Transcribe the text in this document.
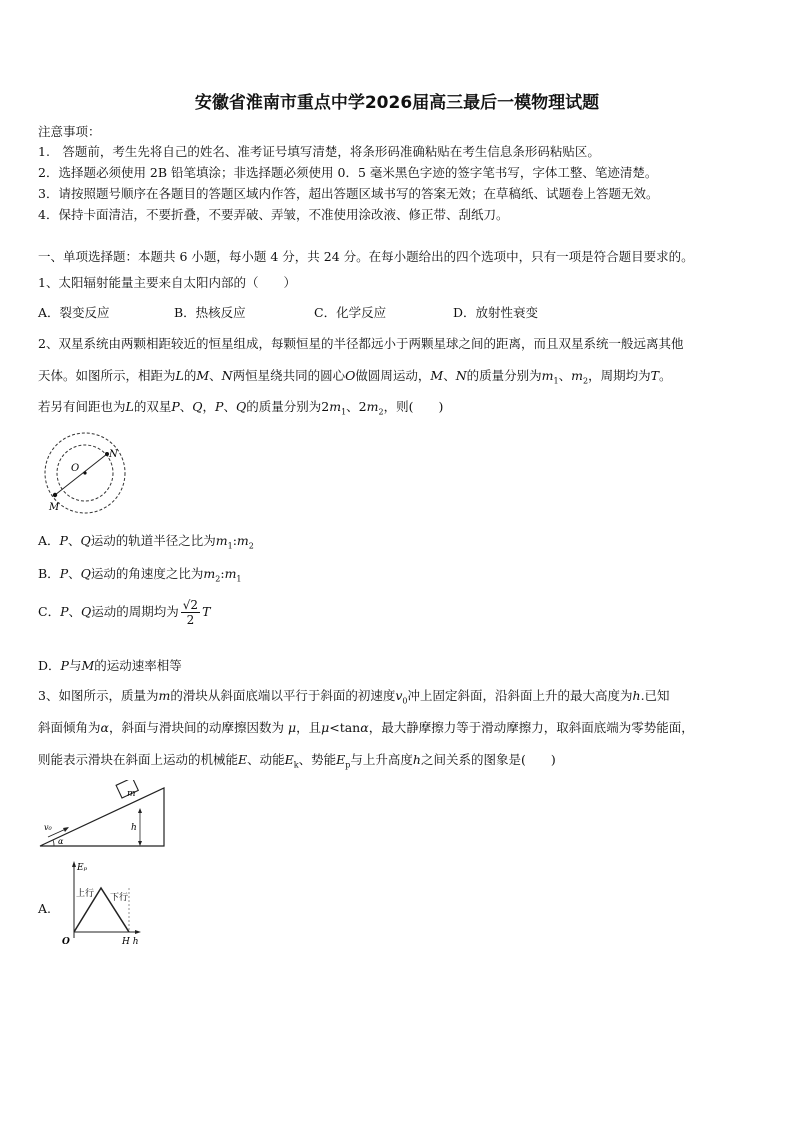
安徽省淮南市重点中学2026届高三最后一模物理试题
注意事项：
1.　答题前，考生先将自己的姓名、准考证号填写清楚，将条形码准确粘贴在考生信息条形码粘贴区。
2．选择题必须使用 2B 铅笔填涂；非选择题必须使用 0．5 毫米黑色字迹的签字笔书写，字体工整、笔迹清楚。
3．请按照题号顺序在各题目的答题区域内作答，超出答题区域书写的答案无效；在草稿纸、试题卷上答题无效。
4．保持卡面清洁，不要折叠，不要弄破、弄皱，不准使用涂改液、修正带、刮纸刀。
一、单项选择题：本题共 6 小题，每小题 4 分，共 24 分。在每小题给出的四个选项中，只有一项是符合题目要求的。
1、太阳辐射能量主要来自太阳内部的（　　）
A．裂变反应	B．热核反应	C．化学反应	D．放射性衰变
2、双星系统由两颗相距较近的恒星组成，每颗恒星的半径都远小于两颗星球之间的距离，而且双星系统一般远离其他
天体。如图所示，相距为L的M、N两恒星绕共同的圆心O做圆周运动，M、N的质量分别为$m_1$、$m_2$，周期均为T。
若另有间距也为L的双星P、Q，P、Q的质量分别为$2m_1$、$2m_2$，则(　　)
O
N
M
A．P、Q运动的轨道半径之比为$m_1:m_2$
B．P、Q运动的角速度之比为$m_2:m_1$
C．P、Q运动的周期均为 $\frac{√2}{2}$ T
D．P与M的运动速率相等
3、如图所示，质量为m的滑块从斜面底端以平行于斜面的初速度$v_0$冲上固定斜面，沿斜面上升的最大高度为h.已知
斜面倾角为α，斜面与滑块间的动摩擦因数为 μ，且μ<tanα，最大静摩擦力等于滑动摩擦力，取斜面底端为零势能面，
则能表示滑块在斜面上运动的机械能E、动能$E_k$、势能$E_p$与上升高度h之间关系的图象是(　　)
m
h
v₀
α
A.
Eₚ
O	H h
上行 下行
